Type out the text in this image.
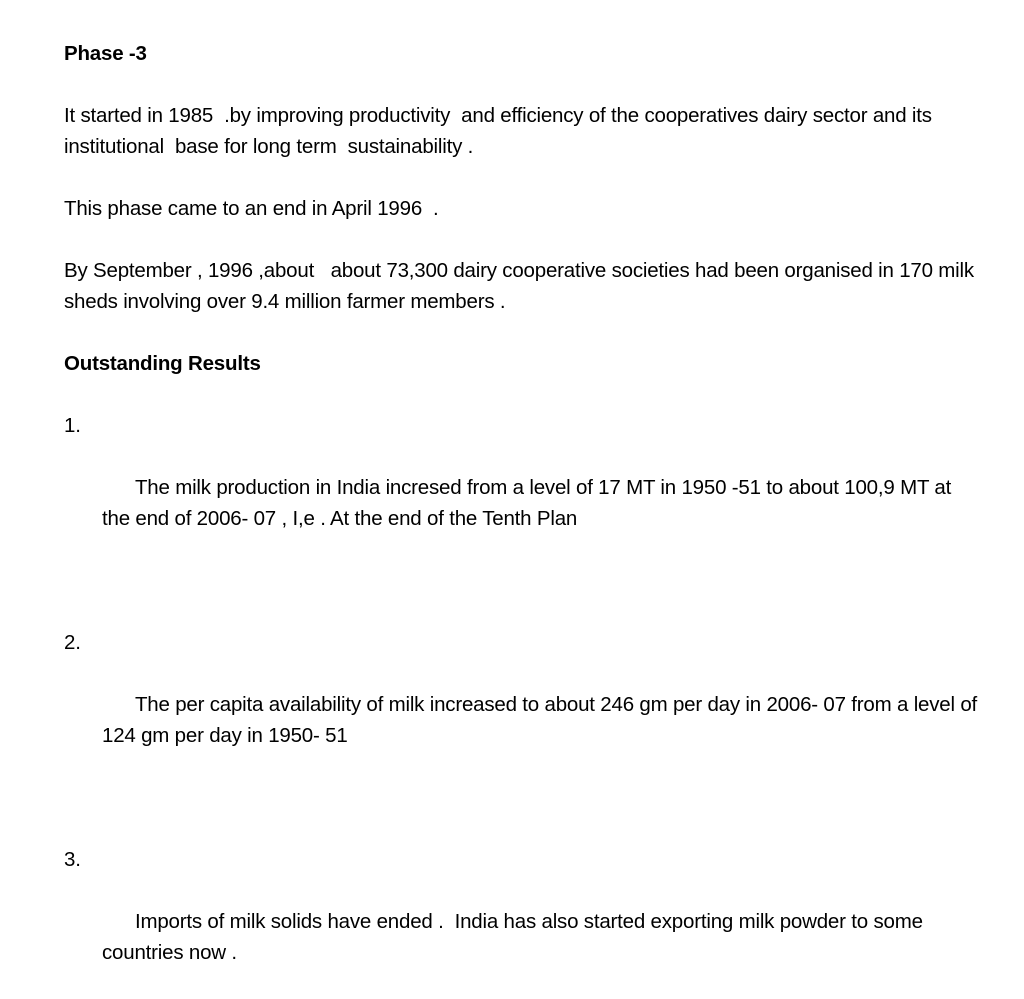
Phase -3
It started in 1985  .by improving productivity  and efficiency of the cooperatives dairy sector and its  institutional  base for long term  sustainability .
This phase came to an end in April 1996  .
By September , 1996 ,about   about 73,300 dairy cooperative societies had been organised in 170 milk sheds involving over 9.4 million farmer members .
Outstanding Results

1.

The milk production in India incresed from a level of 17 MT in 1950 -51 to about 100,9 MT at the end of 2006- 07 , I,e . At the end of the Tenth Plan

2.

The per capita availability of milk increased to about 246 gm per day in 2006- 07 from a level of 124 gm per day in 1950- 51

3.

Imports of milk solids have ended .  India has also started exporting milk powder to some countries now .
